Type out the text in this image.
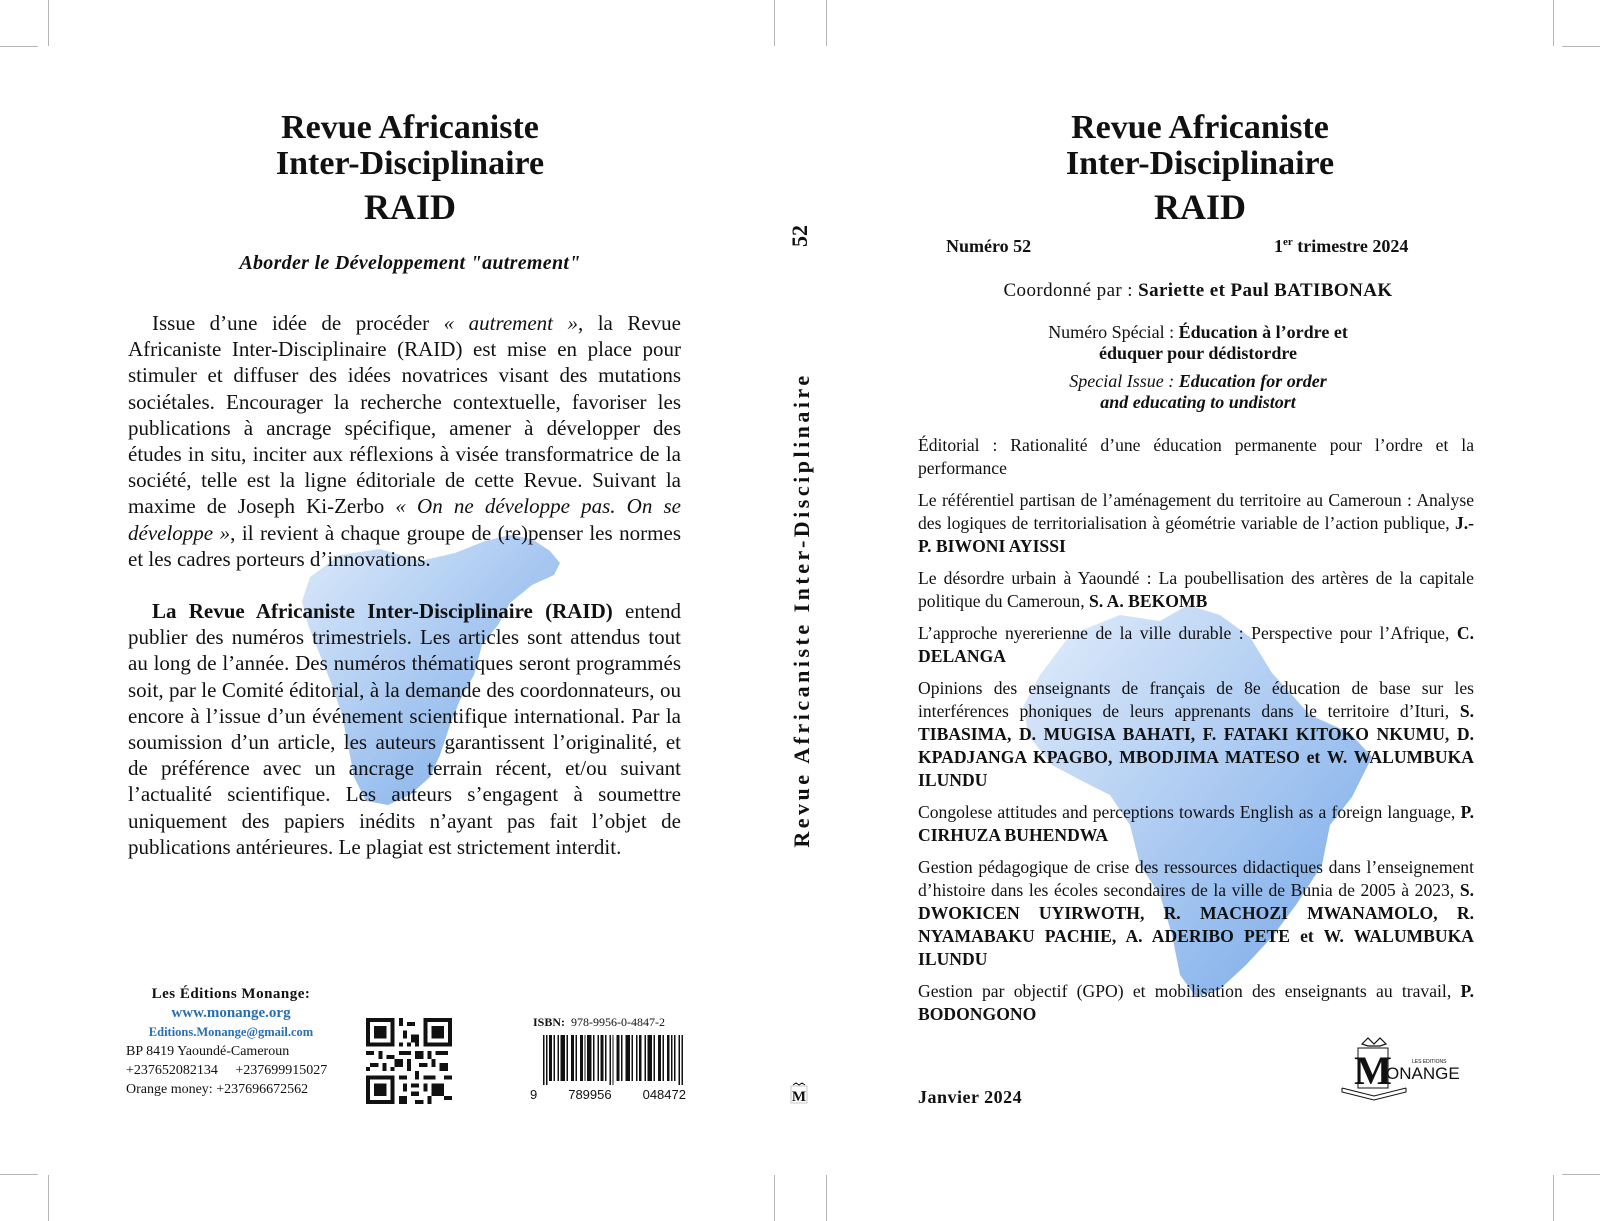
Revue Africaniste
Inter-Disciplinaire
RAID
Aborder le Développement "autrement"

Issue d’une idée de procéder « autrement », la Revue Africaniste Inter-Disciplinaire (RAID) est mise en place pour stimuler et diffuser des idées novatrices visant des mutations sociétales. Encourager la recherche contextuelle, favoriser les publications à ancrage spécifique, amener à développer des études in situ, inciter aux réflexions à visée transformatrice de la société, telle est la ligne éditoriale de cette Revue. Suivant la maxime de Joseph Ki-Zerbo « On ne développe pas. On se développe », il revient à chaque groupe de (re)penser les normes et les cadres porteurs d’innovations.

La Revue Africaniste Inter-Disciplinaire (RAID) entend publier des numéros trimestriels. Les articles sont attendus tout au long de l’année. Des numéros thématiques seront programmés soit, par le Comité éditorial, à la demande des coordonnateurs, ou encore à l’issue d’un événement scientifique international. Par la soumission d’un article, les auteurs garantissent l’originalité, et de préférence avec un ancrage terrain récent, et/ou suivant l’actualité scientifique. Les auteurs s’engagent à soumettre uniquement des papiers inédits n’ayant pas fait l’objet de publications antérieures. Le plagiat est strictement interdit.

Les Éditions Monange:
www.monange.org
Editions.Monange@gmail.com
BP 8419 Yaoundé-Cameroun
+237652082134 +237699915027
Orange money: +237696672562
ISBN: 978-9956-0-4847-2
9 789956 048472
52
Revue Africaniste Inter-Disciplinaire
M
Revue Africaniste
Inter-Disciplinaire
RAID
Numéro 52	1er trimestre 2024
Coordonné par : Sariette et Paul BATIBONAK
Numéro Spécial : Éducation à l’ordre et
éduquer pour dédistordre
Special Issue : Education for order
and educating to undistort
Éditorial : Rationalité d’une éducation permanente pour l’ordre et la performance
Le référentiel partisan de l’aménagement du territoire au Cameroun : Analyse des logiques de territorialisation à géométrie variable de l’action publique, J.-P. BIWONI AYISSI
Le désordre urbain à Yaoundé : La poubellisation des artères de la capitale politique du Cameroun, S. A. BEKOMB
L’approche nyererienne de la ville durable : Perspective pour l’Afrique, C. DELANGA
Opinions des enseignants de français de 8e éducation de base sur les interférences phoniques de leurs apprenants dans le territoire d’Ituri, S. TIBASIMA, D. MUGISA BAHATI, F. FATAKI KITOKO NKUMU, D. KPADJANGA KPAGBO, MBODJIMA MATESO et W. WALUMBUKA ILUNDU
Congolese attitudes and perceptions towards English as a foreign language, P. CIRHUZA BUHENDWA
Gestion pédagogique de crise des ressources didactiques dans l’enseignement d’histoire dans les écoles secondaires de la ville de Bunia de 2005 à 2023, S. DWOKICEN UYIRWOTH, R. MACHOZI MWANAMOLO, R. NYAMABAKU PACHIE, A. ADERIBO PETE et W. WALUMBUKA ILUNDU
Gestion par objectif (GPO) et mobilisation des enseignants au travail, P. BODONGONO
Janvier 2024
M	LES EDITIONS
ONANGE
